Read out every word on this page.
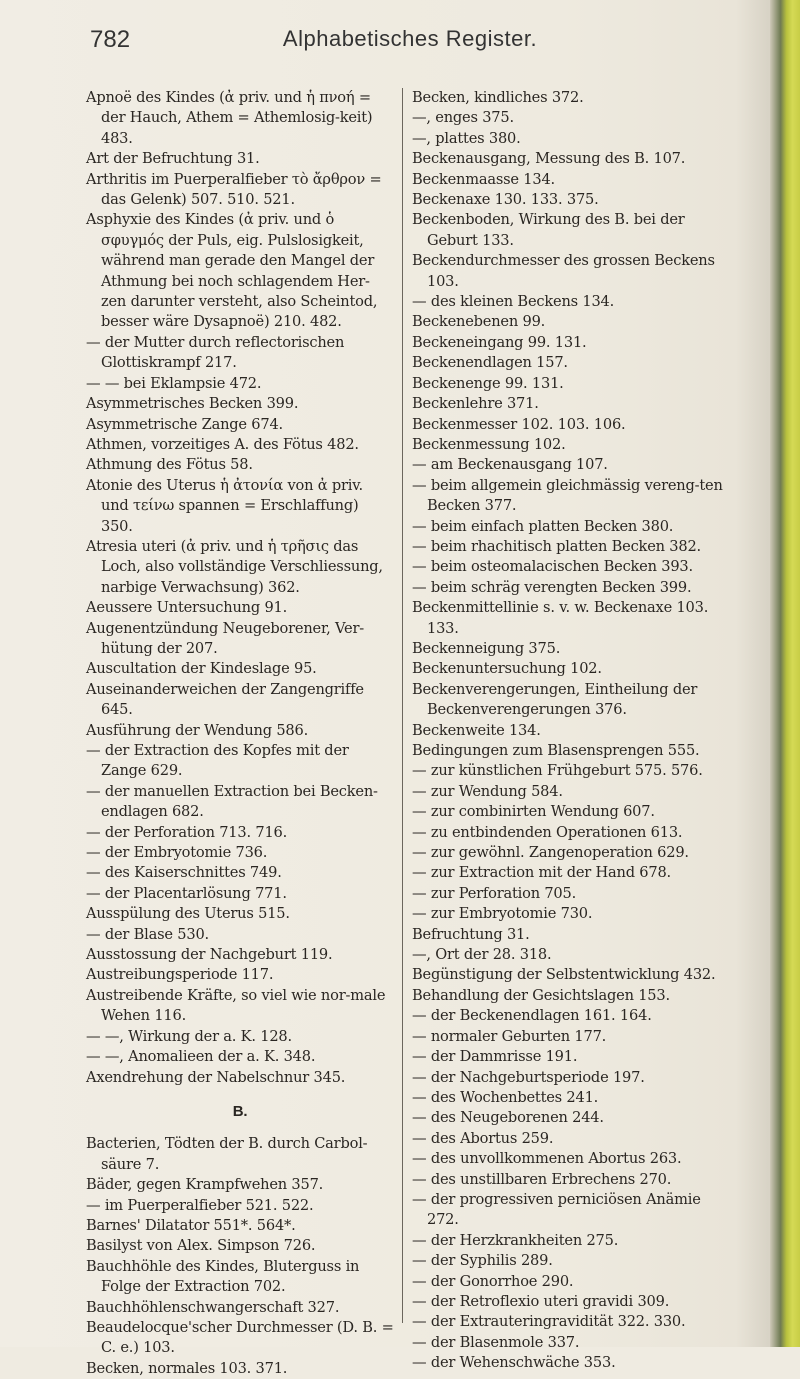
782	Alphabetisches Register.
Apnoë des Kindes (ἀ priv. und ἡ πνοή = der Hauch, Athem = Athemlosig-keit) 483.
Art der Befruchtung 31.
Arthritis im Puerperalfieber τὸ ἄρθρον = das Gelenk) 507. 510. 521.
Asphyxie des Kindes (ἀ priv. und ὁ σφυγμός der Puls, eig. Pulslosigkeit, während man gerade den Mangel der Athmung bei noch schlagendem Her-zen darunter versteht, also Scheintod, besser wäre Dysapnoë) 210. 482.
— der Mutter durch reflectorischen Glottiskrampf 217.
— — bei Eklampsie 472.
Asymmetrisches Becken 399.
Asymmetrische Zange 674.
Athmen, vorzeitiges A. des Fötus 482.
Athmung des Fötus 58.
Atonie des Uterus ἡ ἀτονία von ἀ priv. und τείνω spannen = Erschlaffung) 350.
Atresia uteri (ἀ priv. und ἡ τρῆσις das Loch, also vollständige Verschliessung, narbige Verwachsung) 362.
Aeussere Untersuchung 91.
Augenentzündung Neugeborener, Ver-hütung der 207.
Auscultation der Kindeslage 95.
Auseinanderweichen der Zangengriffe 645.
Ausführung der Wendung 586.
— der Extraction des Kopfes mit der Zange 629.
— der manuellen Extraction bei Becken-endlagen 682.
— der Perforation 713. 716.
— der Embryotomie 736.
— des Kaiserschnittes 749.
— der Placentarlösung 771.
Ausspülung des Uterus 515.
— der Blase 530.
Ausstossung der Nachgeburt 119.
Austreibungsperiode 117.
Austreibende Kräfte, so viel wie nor-male Wehen 116.
— —, Wirkung der a. K. 128.
— —, Anomalieen der a. K. 348.
Axendrehung der Nabelschnur 345.
B.
Bacterien, Tödten der B. durch Carbol-säure 7.
Bäder, gegen Krampfwehen 357.
— im Puerperalfieber 521. 522.
Barnes' Dilatator 551*. 564*.
Basilyst von Alex. Simpson 726.
Bauchhöhle des Kindes, Bluterguss in Folge der Extraction 702.
Bauchhöhlenschwangerschaft 327.
Beaudelocque'scher Durchmesser (D. B. = C. e.) 103.
Becken, normales 103. 371.
Becken, kindliches 372.
—, enges 375.
—, plattes 380.
Beckenausgang, Messung des B. 107.
Beckenmaasse 134.
Beckenaxe 130. 133. 375.
Beckenboden, Wirkung des B. bei der Geburt 133.
Beckendurchmesser des grossen Beckens 103.
— des kleinen Beckens 134.
Beckenebenen 99.
Beckeneingang 99. 131.
Beckenendlagen 157.
Beckenenge 99. 131.
Beckenlehre 371.
Beckenmesser 102. 103. 106.
Beckenmessung 102.
— am Beckenausgang 107.
— beim allgemein gleichmässig vereng-ten Becken 377.
— beim einfach platten Becken 380.
— beim rhachitisch platten Becken 382.
— beim osteomalacischen Becken 393.
— beim schräg verengten Becken 399.
Beckenmittellinie s. v. w. Beckenaxe 103. 133.
Beckenneigung 375.
Beckenuntersuchung 102.
Beckenverengerungen, Eintheilung der Beckenverengerungen 376.
Beckenweite 134.
Bedingungen zum Blasensprengen 555.
— zur künstlichen Frühgeburt 575. 576.
— zur Wendung 584.
— zur combinirten Wendung 607.
— zu entbindenden Operationen 613.
— zur gewöhnl. Zangenoperation 629.
— zur Extraction mit der Hand 678.
— zur Perforation 705.
— zur Embryotomie 730.
Befruchtung 31.
—, Ort der 28. 318.
Begünstigung der Selbstentwicklung 432.
Behandlung der Gesichtslagen 153.
— der Beckenendlagen 161. 164.
— normaler Geburten 177.
— der Dammrisse 191.
— der Nachgeburtsperiode 197.
— des Wochenbettes 241.
— des Neugeborenen 244.
— des Abortus 259.
— des unvollkommenen Abortus 263.
— des unstillbaren Erbrechens 270.
— der progressiven perniciösen Anämie 272.
— der Herzkrankheiten 275.
— der Syphilis 289.
— der Gonorrhoe 290.
— der Retroflexio uteri gravidi 309.
— der Extrauteringravidität 322. 330.
— der Blasenmole 337.
— der Wehenschwäche 353.
